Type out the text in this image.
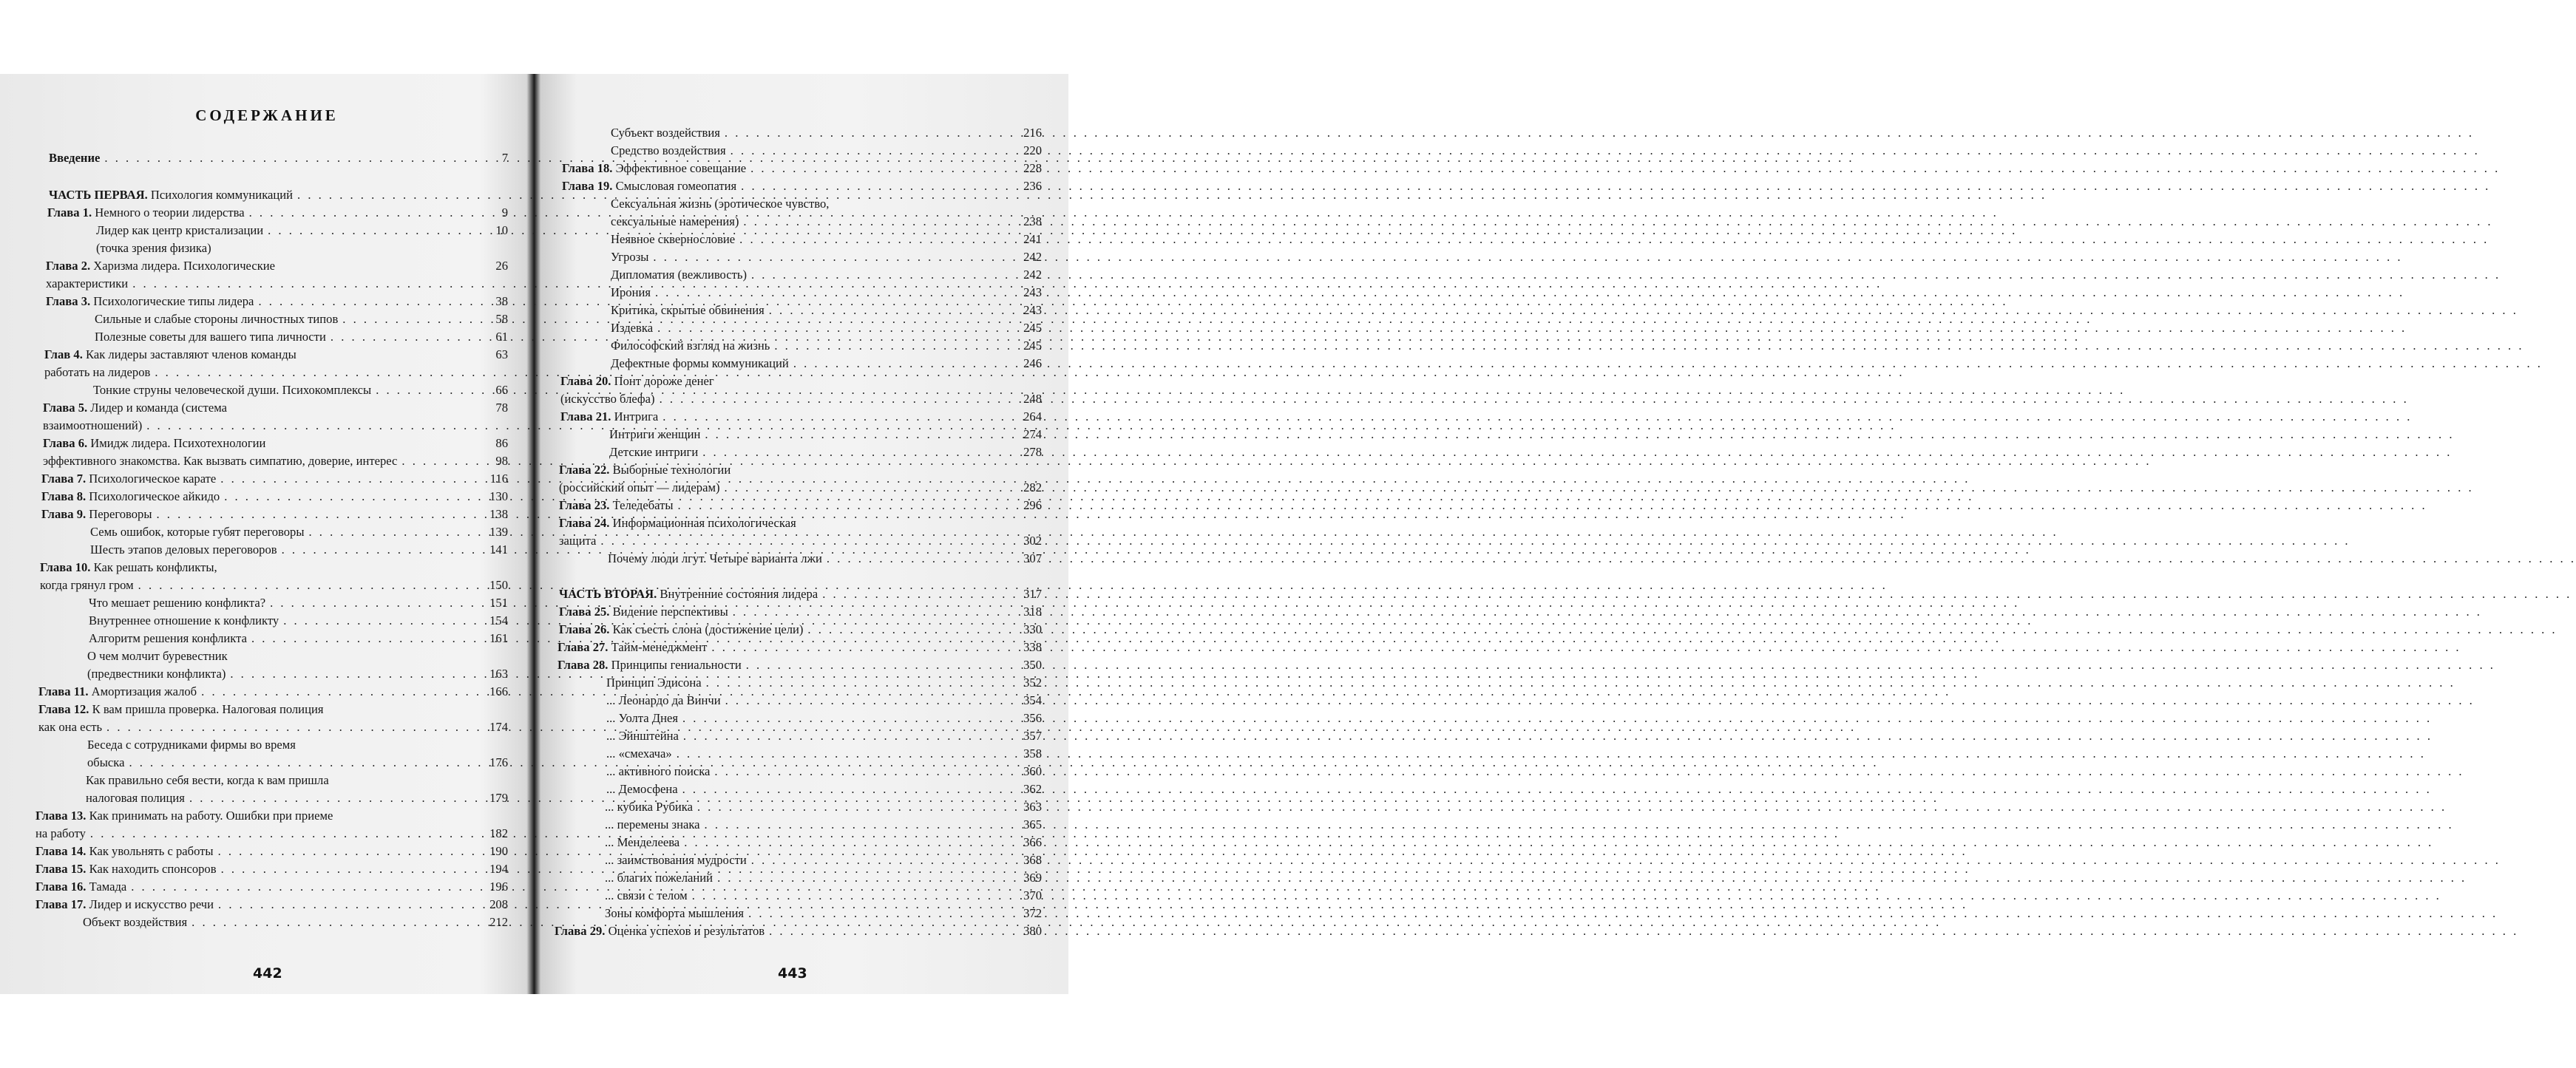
СОДЕРЖАНИЕ
Введение . . .	7
ЧАСТЬ ПЕРВАЯ. Психология коммуникаций
. . .
Глава 1. Немного о теории лидерства . . .	9
Лидер как центр кристализации . . .	10
(точка зрения физика)
Глава 2. Харизма лидера. Психологические	26
характеристики
. . .
Глава 3. Психологические типы лидера . . .	38
Сильные и слабые стороны личностных типов . . .	58
Полезные советы для вашего типа личности . . .	61
Глав 4. Как лидеры заставляют членов команды	63
работать на лидеров
. . .
Тонкие струны человеческой души. Психокомплексы . . .	66
Глава 5. Лидер и команда (система	78
взаимоотношений)
. . .
Глава 6. Имидж лидера. Психотехнологии	86
эффективного знакомства. Как вызвать симпатию, доверие, интерес . . .	98
Глава 7. Психологическое карате . . .	116
Глава 8. Психологическое айкидо . . .	130
Глава 9. Переговоры . . .	138
Семь ошибок, которые губят переговоры . . .	139
Шесть этапов деловых переговоров . . .	141
Глава 10. Как решать конфликты,
когда грянул гром . . .	150
Что мешает решению конфликта? . . .	151
Внутреннее отношение к конфликту . . .	154
Алгоритм решения конфликта . . .	161
О чем молчит буревестник
(предвестники конфликта) . . .	163
Глава 11. Амортизация жалоб . . .	166
Глава 12. К вам пришла проверка. Налоговая полиция
как она есть . . .	174
Беседа с сотрудниками фирмы во время
обыска . . .	176
Как правильно себя вести, когда к вам пришла
налоговая полиция . . .	179
Глава 13. Как принимать на работу. Ошибки при приеме
на работу . . .	182
Глава 14. Как увольнять с работы . . .	190
Глава 15. Как находить спонсоров . . .	194
Глава 16. Тамада . . .	196
Глава 17. Лидер и искусство речи . . .	208
Объект воздействия . . .	212
442
Субъект воздействия . . .	216
Средство воздействия . . .	220
Глава 18. Эффективное совещание . . .	228
Глава 19. Смысловая гомеопатия . . .	236
Сексуальная жизнь (эротическое чувство,
сексуальные намерения) . . .	238
Неявное сквернословие . . .	241
Угрозы . . .	242
Дипломатия (вежливость) . . .	242
Ирония . . .	243
Критика, скрытые обвинения . . .	243
Издевка . . .	245
Философский взгляд на жизнь . . .	245
Дефектные формы коммуникаций . . .	246
Глава 20. Понт дороже денег
(искусство блефа) . . .	248
Глава 21. Интрига . . .	264
Интриги женщин . . .	274
Детские интриги . . .	278
Глава 22. Выборные технологии
(российский опыт — лидерам) . . .	282
Глава 23. Теледебаты . . .	296
Глава 24. Информационная психологическая
защита . . .	302
Почему люди лгут. Четыре варианта лжи . . .	307
ЧАСТЬ ВТОРАЯ. Внутренние состояния лидера . . .	317
Глава 25. Видение перспективы . . .	318
Глава 26. Как съесть слона (достижение цели) . . .	330
Глава 27. Тайм-менеджмент . . .	338
Глава 28. Принципы гениальности . . .	350
Принцип Эдисона . . .	352
... Леонардо да Винчи . . .	354
... Уолта Днея . . .	356
... Эйнштейна . . .	357
... «смехача» . . .	358
... активного поиска . . .	360
... Демосфена . . .	362
... кубика Рубика . . .	363
... перемены знака . . .	365
... Менделеева . . .	366
... заимствования мудрости . . .	368
... благих пожеланий . . .	369
... связи с телом . . .	370
Зоны комфорта мышления . . .	372
Глава 29. Оценка успехов и результатов . . .	380
443
